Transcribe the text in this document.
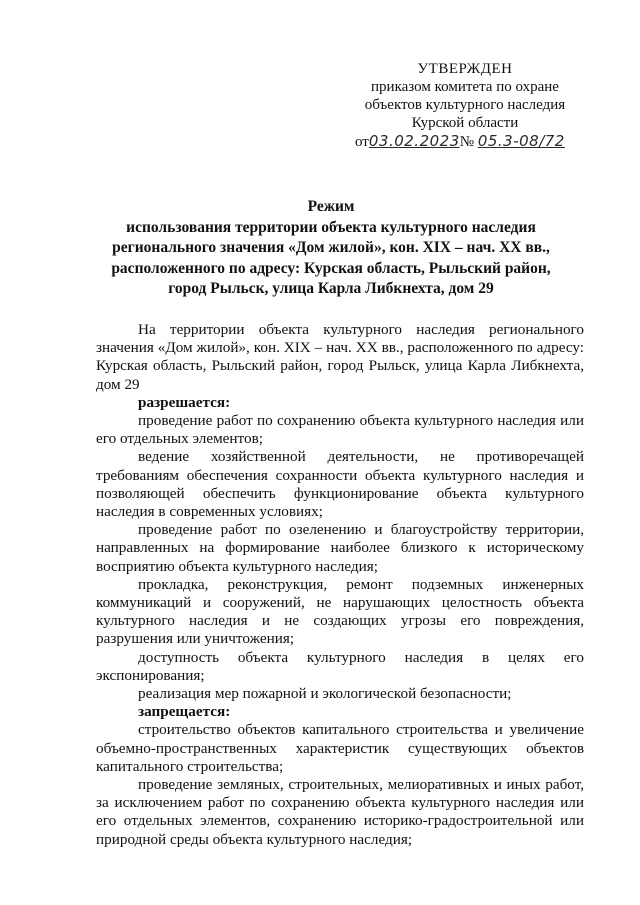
УТВЕРЖДЕН
приказом комитета по охране
объектов культурного наследия
Курской области
от03.02.2023№ 05.3-08/72
Режим
использования территории объекта культурного наследия
регионального значения «Дом жилой», кон. XIX – нач. XX вв.,
расположенного по адресу: Курская область, Рыльский район,
город Рыльск, улица Карла Либкнехта, дом 29

На территории объекта культурного наследия регионального значения «Дом жилой», кон. XIX – нач. XX вв., расположенного по адресу: Курская область, Рыльский район, город Рыльск, улица Карла Либкнехта, дом 29

разрешается:

проведение работ по сохранению объекта культурного наследия или его отдельных элементов;

ведение хозяйственной деятельности, не противоречащей требованиям обеспечения сохранности объекта культурного наследия и позволяющей обеспечить функционирование объекта культурного наследия в современных условиях;

проведение работ по озеленению и благоустройству территории, направленных на формирование наиболее близкого к историческому восприятию объекта культурного наследия;

прокладка, реконструкция, ремонт подземных инженерных коммуникаций и сооружений, не нарушающих целостность объекта культурного наследия и не создающих угрозы его повреждения, разрушения или уничтожения;

доступность объекта культурного наследия в целях его экспонирования;

реализация мер пожарной и экологической безопасности;

запрещается:

строительство объектов капитального строительства и увеличение объемно-пространственных характеристик существующих объектов капитального строительства;

проведение земляных, строительных, мелиоративных и иных работ, за исключением работ по сохранению объекта культурного наследия или его отдельных элементов, сохранению историко-градостроительной или природной среды объекта культурного наследия;
